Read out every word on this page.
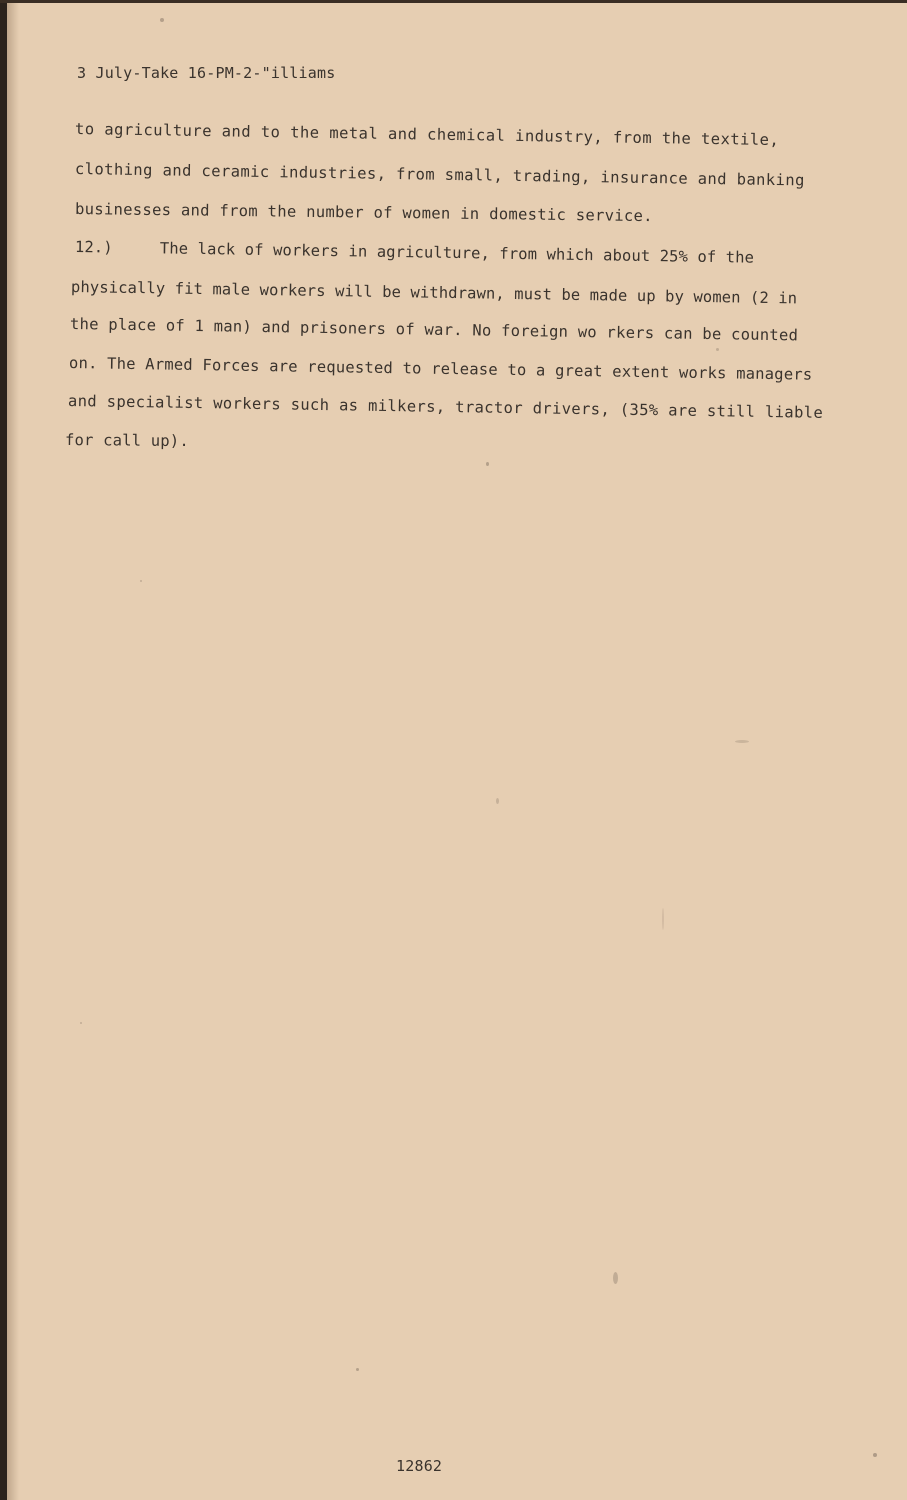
3 July-Take 16-PM-2-"illiams
to agriculture and to the metal and chemical industry, from the textile,
clothing and ceramic industries, from small, trading, insurance and banking
businesses and from the number of women in domestic service.
12.)     The lack of workers in agriculture, from which about 25% of the
physically fit male workers will be withdrawn, must be made up by women (2 in
the place of 1 man) and prisoners of war. No foreign wo rkers can be counted
on. The Armed Forces are requested to release to a great extent works managers
and specialist workers such as milkers, tractor drivers, (35% are still liable
for call up).
12862
